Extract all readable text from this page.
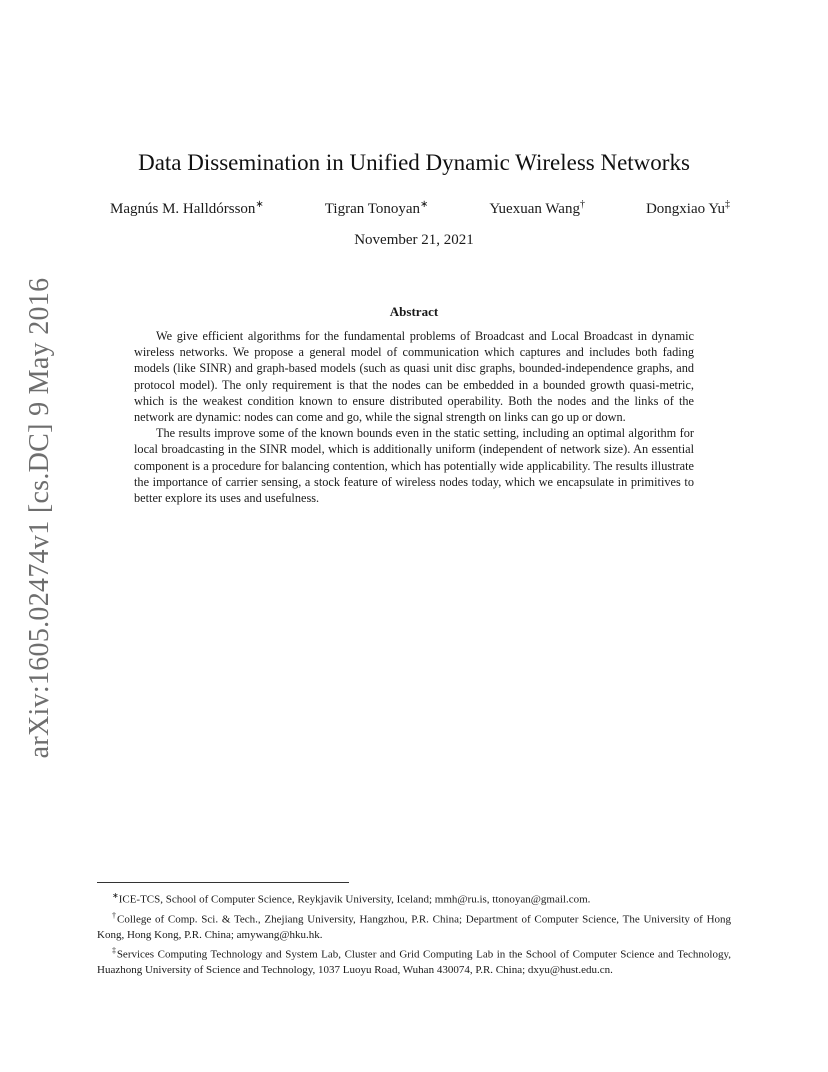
arXiv:1605.02474v1 [cs.DC] 9 May 2016
Data Dissemination in Unified Dynamic Wireless Networks
Magnús M. Halldórsson∗	Tigran Tonoyan∗	Yuexuan Wang†	Dongxiao Yu‡
November 21, 2021
Abstract

We give efficient algorithms for the fundamental problems of Broadcast and Local Broadcast in dynamic wireless networks. We propose a general model of communication which captures and includes both fading models (like SINR) and graph-based models (such as quasi unit disc graphs, bounded-independence graphs, and protocol model). The only requirement is that the nodes can be embedded in a bounded growth quasi-metric, which is the weakest condition known to ensure distributed operability. Both the nodes and the links of the network are dynamic: nodes can come and go, while the signal strength on links can go up or down.

The results improve some of the known bounds even in the static setting, including an optimal algorithm for local broadcasting in the SINR model, which is additionally uniform (independent of network size). An essential component is a procedure for balancing contention, which has potentially wide applicability. The results illustrate the importance of carrier sensing, a stock feature of wireless nodes today, which we encapsulate in primitives to better explore its uses and usefulness.

∗ICE-TCS, School of Computer Science, Reykjavik University, Iceland; mmh@ru.is, ttonoyan@gmail.com.

†College of Comp. Sci. & Tech., Zhejiang University, Hangzhou, P.R. China; Department of Computer Science, The University of Hong Kong, Hong Kong, P.R. China; amywang@hku.hk.

‡Services Computing Technology and System Lab, Cluster and Grid Computing Lab in the School of Computer Science and Technology, Huazhong University of Science and Technology, 1037 Luoyu Road, Wuhan 430074, P.R. China; dxyu@hust.edu.cn.
